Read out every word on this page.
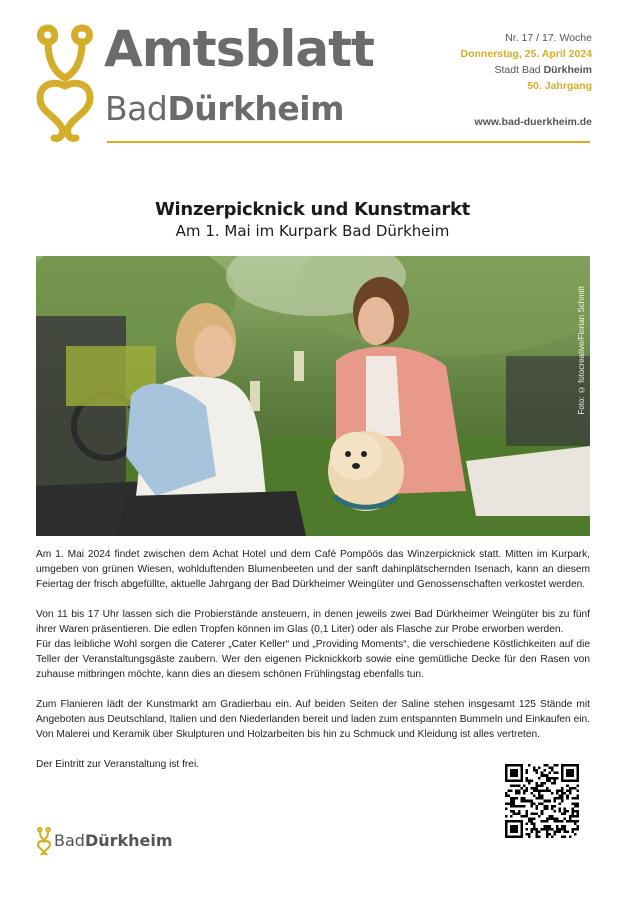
Amtsblatt
BadDürkheim
Nr. 17 / 17. Woche
Donnerstag, 25. April 2024
Stadt Bad Dürkheim
50. Jahrgang
www.bad-duerkheim.de
Winzerpicknick und Kunstmarkt
Am 1. Mai im Kurpark Bad Dürkheim
Foto: © fotocreative/Florian Schmitt

Am 1. Mai 2024 findet zwischen dem Achat Hotel und dem Café Pompöös das Winzerpicknick statt. Mitten im Kurpark, umgeben von grünen Wiesen, wohlduftenden Blumenbeeten und der sanft dahinplätschernden Isenach, kann an diesem Feiertag der frisch abgefüllte, aktuelle Jahrgang der Bad Dürkheimer Weingüter und Genossenschaften verkostet werden.

Von 11 bis 17 Uhr lassen sich die Probierstände ansteuern, in denen jeweils zwei Bad Dürkheimer Weingüter bis zu fünf ihrer Waren präsentieren. Die edlen Tropfen können im Glas (0,1 Liter) oder als Flasche zur Probe erworben werden.

Für das leibliche Wohl sorgen die Caterer „Cater Keller“ und „Providing Moments“, die verschiedene Köstlichkeiten auf die Teller der Veranstaltungsgäste zaubern. Wer den eigenen Picknickkorb sowie eine gemütliche Decke für den Rasen von zuhause mitbringen möchte, kann dies an diesem schönen Frühlingstag ebenfalls tun.

Zum Flanieren lädt der Kunstmarkt am Gradierbau ein. Auf beiden Seiten der Saline stehen insgesamt 125 Stände mit Angeboten aus Deutschland, Italien und den Niederlanden bereit und laden zum entspannten Bummeln und Einkaufen ein. Von Malerei und Keramik über Skulpturen und Holzarbeiten bis hin zu Schmuck und Kleidung ist alles vertreten.

Der Eintritt zur Veranstaltung ist frei.

BadDürkheim
